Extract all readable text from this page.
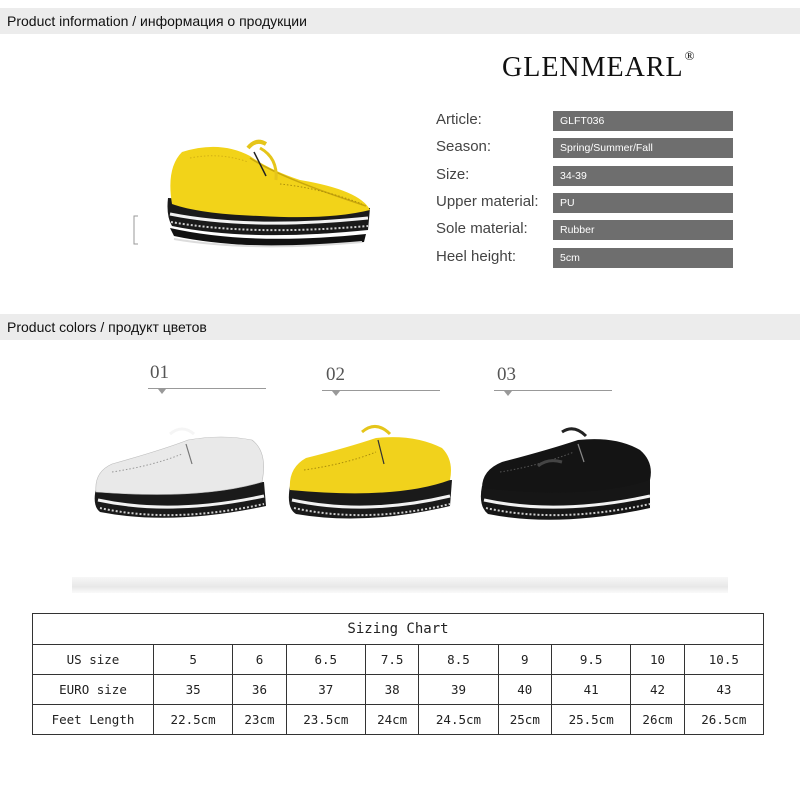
Product information / информация о продукции
GLENMEARL®
Article:	GLFT036
Season:	Spring/Summer/Fall
Size:	34-39
Upper material:	PU
Sole material:	Rubber
Heel height:	5cm
Product colors / продукт цветов
01	02	03
Sizing Chart									
US size	5	6	6.5	7.5	8.5	9	9.5	10	10.5
EURO size	35	36	37	38	39	40	41	42	43
Feet Length	22.5cm	23cm	23.5cm	24cm	24.5cm	25cm	25.5cm	26cm	26.5cm
